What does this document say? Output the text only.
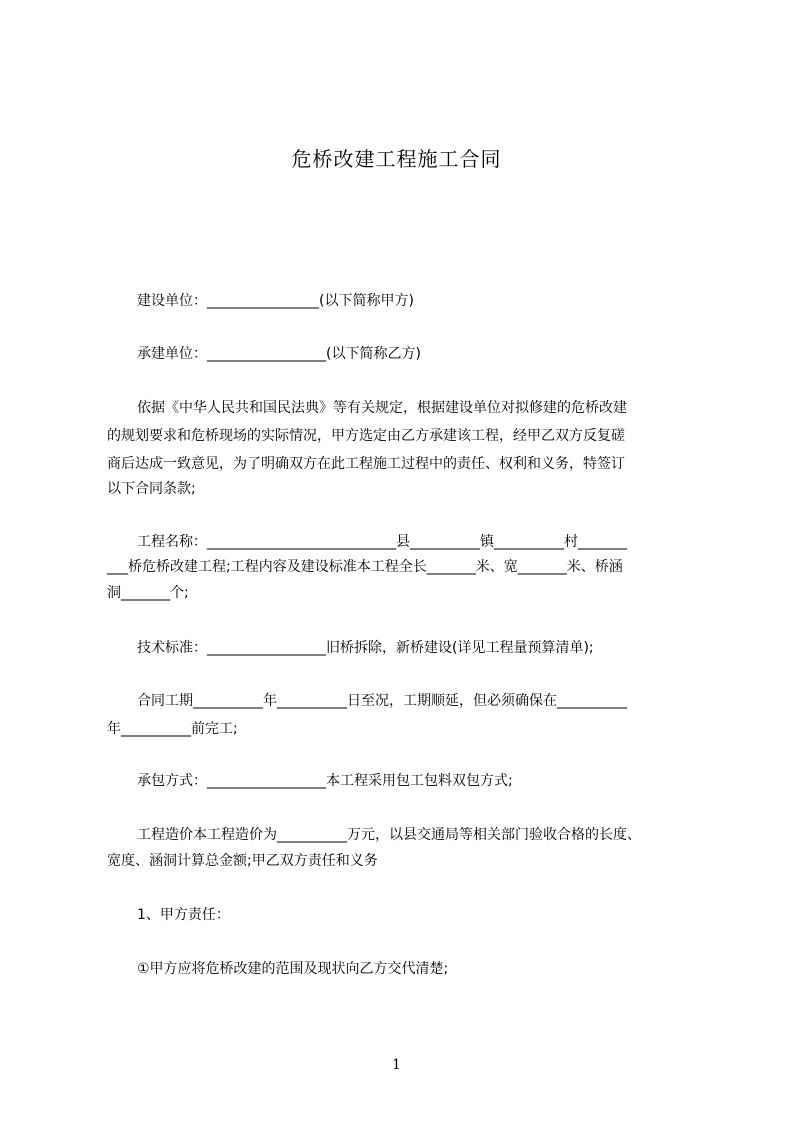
危桥改建工程施工合同
建设单位：________________(以下简称甲方)
承建单位：_________________(以下简称乙方)
依据《中华人民共和国民法典》等有关规定，根据建设单位对拟修建的危桥改建
的规划要求和危桥现场的实际情况，甲方选定由乙方承建该工程，经甲乙双方反复磋
商后达成一致意见，为了明确双方在此工程施工过程中的责任、权利和义务，特签订
以下合同条款;
工程名称：___________________________县__________镇__________村_______
___桥危桥改建工程;工程内容及建设标准本工程全长_______米、宽_______米、桥涵
洞_______个;
技术标准：_________________旧桥拆除，新桥建设(详见工程量预算清单);
合同工期__________年__________日至况，工期顺延，但必须确保在__________
年__________前完工;
承包方式：_________________本工程采用包工包料双包方式;
工程造价本工程造价为__________万元，以县交通局等相关部门验收合格的长度、
宽度、涵洞计算总金额;甲乙双方责任和义务
1、甲方责任：
①甲方应将危桥改建的范围及现状向乙方交代清楚;
1
